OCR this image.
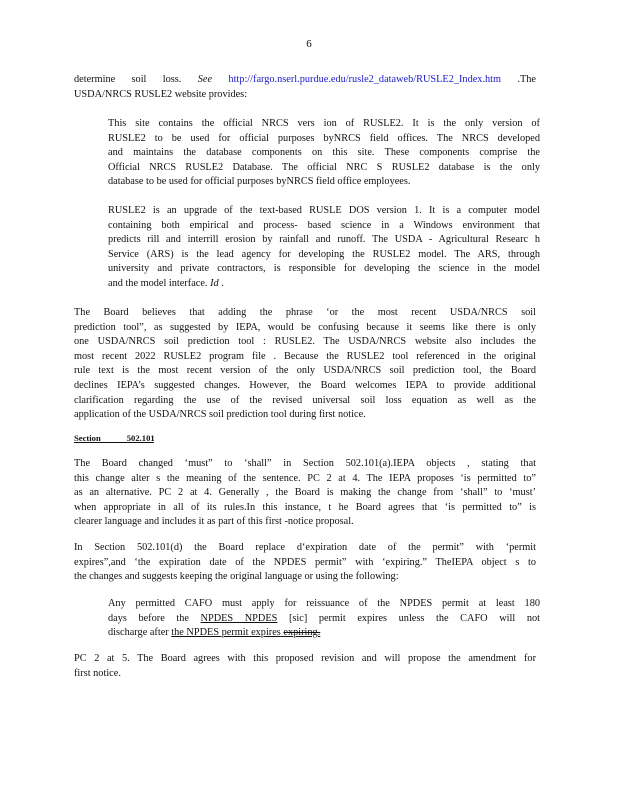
6
determine soil loss. See http://fargo.nserl.purdue.edu/rusle2_dataweb/RUSLE2_Index.htm .The
USDA/NRCS RUSLE2 website provides:
This site contains the official NRCS vers ion of RUSLE2. It is the only version of
RUSLE2 to be used for official purposes byNRCS field offices. The NRCS developed
and maintains the database components on this site. These components comprise the
Official NRCS RUSLE2 Database. The official NRC S RUSLE2 database is the only
database to be used for official purposes byNRCS field office employees.
RUSLE2 is an upgrade of the text-based RUSLE DOS version 1. It is a computer model
containing both empirical and process- based science in a Windows environment that
predicts rill and interrill erosion by rainfall and runoff. The USDA - Agricultural Researc h
Service (ARS) is the lead agency for developing the RUSLE2 model. The ARS, through
university and private contractors, is responsible for developing the science in the model
and the model interface. Id .
The Board believes that adding the phrase ‘or the most recent USDA/NRCS soil
prediction tool”, as suggested by IEPA, would be confusing because it seems like there is only
one USDA/NRCS soil prediction tool : RUSLE2. The USDA/NRCS website also includes the
most recent 2022 RUSLE2 program file . Because the RUSLE2 tool referenced in the original
rule text is the most recent version of the only USDA/NRCS soil prediction tool, the Board
declines IEPA’s suggested changes. However, the Board welcomes IEPA to provide additional
clarification regarding the use of the revised universal soil loss equation as well as the
application of the USDA/NRCS soil prediction tool during first notice.
Section	502.101
The Board changed ‘must” to ‘shall” in Section 502.101(a).IEPA objects , stating that
this change alter s the meaning of the sentence. PC 2 at 4. The IEPA proposes ‘is permitted to”
as an alternative. PC 2 at 4. Generally , the Board is making the change from ‘shall” to ‘must’
when appropriate in all of its rules.In this instance, t he Board agrees that ‘is permitted to” is
clearer language and includes it as part of this first -notice proposal.
In Section 502.101(d) the Board replace d‘expiration date of the permit” with ‘permit
expires”,and ‘the expiration date of the NPDES permit” with ‘expiring.” TheIEPA object s to
the changes and suggests keeping the original language or using the following:
Any permitted CAFO must apply for reissuance of the NPDES permit at least 180
days before the NPDES NPDES [sic] permit expires unless the CAFO will not
discharge after the NPDES permit expires expiring.
PC 2 at 5. The Board agrees with this proposed revision and will propose the amendment for
first notice.
